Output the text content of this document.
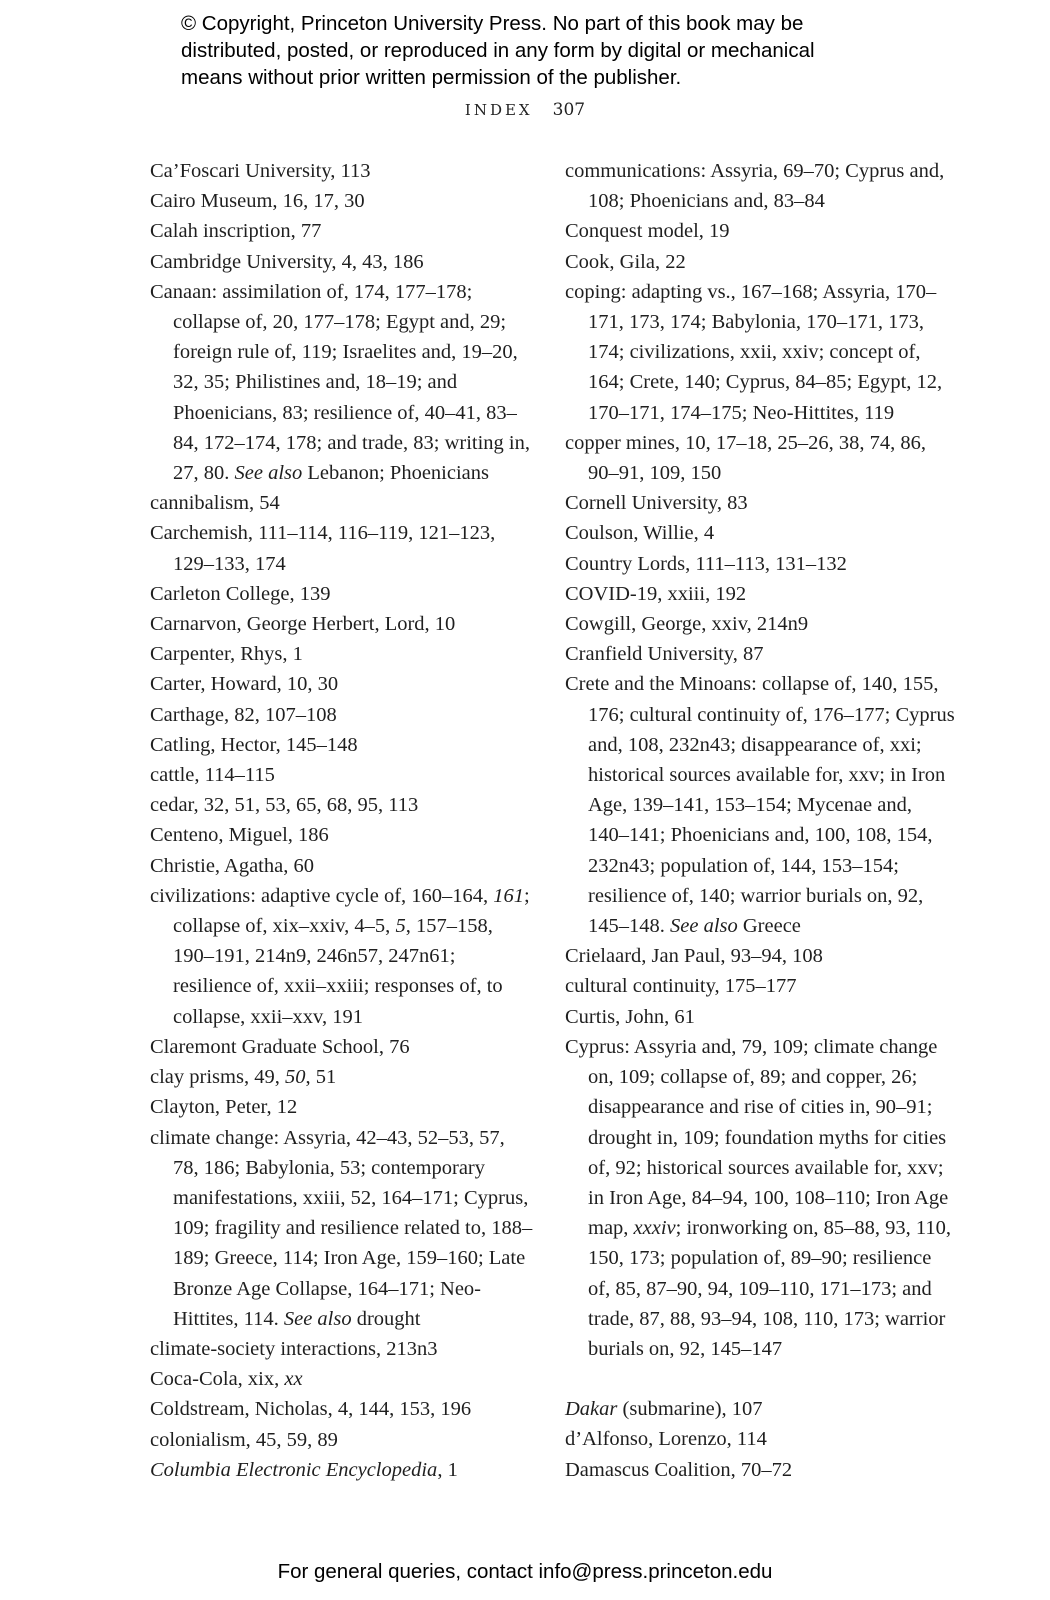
© Copyright, Princeton University Press. No part of this book may be
distributed, posted, or reproduced in any form by digital or mechanical
means without prior written permission of the publisher.
INDEX 307
Ca’Foscari University, 113
Cairo Museum, 16, 17, 30
Calah inscription, 77
Cambridge University, 4, 43, 186
Canaan: assimilation of, 174, 177–178; collapse of, 20, 177–178; Egypt and, 29; foreign rule of, 119; Israelites and, 19–20, 32, 35; Philistines and, 18–19; and Phoenicians, 83; resilience of, 40–41, 83–84, 172–174, 178; and trade, 83; writing in, 27, 80. See also Lebanon; Phoenicians
cannibalism, 54
Carchemish, 111–114, 116–119, 121–123, 129–133, 174
Carleton College, 139
Carnarvon, George Herbert, Lord, 10
Carpenter, Rhys, 1
Carter, Howard, 10, 30
Carthage, 82, 107–108
Catling, Hector, 145–148
cattle, 114–115
cedar, 32, 51, 53, 65, 68, 95, 113
Centeno, Miguel, 186
Christie, Agatha, 60
civilizations: adaptive cycle of, 160–164, 161; collapse of, xix–xxiv, 4–5, 5, 157–158, 190–191, 214n9, 246n57, 247n61; resilience of, xxii–xxiii; responses of, to collapse, xxii–xxv, 191
Claremont Graduate School, 76
clay prisms, 49, 50, 51
Clayton, Peter, 12
climate change: Assyria, 42–43, 52–53, 57, 78, 186; Babylonia, 53; contemporary manifestations, xxiii, 52, 164–171; Cyprus, 109; fragility and resilience related to, 188–189; Greece, 114; Iron Age, 159–160; Late Bronze Age Collapse, 164–171; Neo-Hittites, 114. See also drought
climate-society interactions, 213n3
Coca-Cola, xix, xx
Coldstream, Nicholas, 4, 144, 153, 196
colonialism, 45, 59, 89
Columbia Electronic Encyclopedia, 1
communications: Assyria, 69–70; Cyprus and, 108; Phoenicians and, 83–84
Conquest model, 19
Cook, Gila, 22
coping: adapting vs., 167–168; Assyria, 170–171, 173, 174; Babylonia, 170–171, 173, 174; civilizations, xxii, xxiv; concept of, 164; Crete, 140; Cyprus, 84–85; Egypt, 12, 170–171, 174–175; Neo-Hittites, 119
copper mines, 10, 17–18, 25–26, 38, 74, 86, 90–91, 109, 150
Cornell University, 83
Coulson, Willie, 4
Country Lords, 111–113, 131–132
COVID-19, xxiii, 192
Cowgill, George, xxiv, 214n9
Cranfield University, 87
Crete and the Minoans: collapse of, 140, 155, 176; cultural continuity of, 176–177; Cyprus and, 108, 232n43; disappearance of, xxi; historical sources available for, xxv; in Iron Age, 139–141, 153–154; Mycenae and, 140–141; Phoenicians and, 100, 108, 154, 232n43; population of, 144, 153–154; resilience of, 140; warrior burials on, 92, 145–148. See also Greece
Crielaard, Jan Paul, 93–94, 108
cultural continuity, 175–177
Curtis, John, 61
Cyprus: Assyria and, 79, 109; climate change on, 109; collapse of, 89; and copper, 26; disappearance and rise of cities in, 90–91; drought in, 109; foundation myths for cities of, 92; historical sources available for, xxv; in Iron Age, 84–94, 100, 108–110; Iron Age map, xxxiv; ironworking on, 85–88, 93, 110, 150, 173; population of, 89–90; resilience of, 85, 87–90, 94, 109–110, 171–173; and trade, 87, 88, 93–94, 108, 110, 173; warrior burials on, 92, 145–147
Dakar (submarine), 107
d’Alfonso, Lorenzo, 114
Damascus Coalition, 70–72
For general queries, contact info@press.princeton.edu
